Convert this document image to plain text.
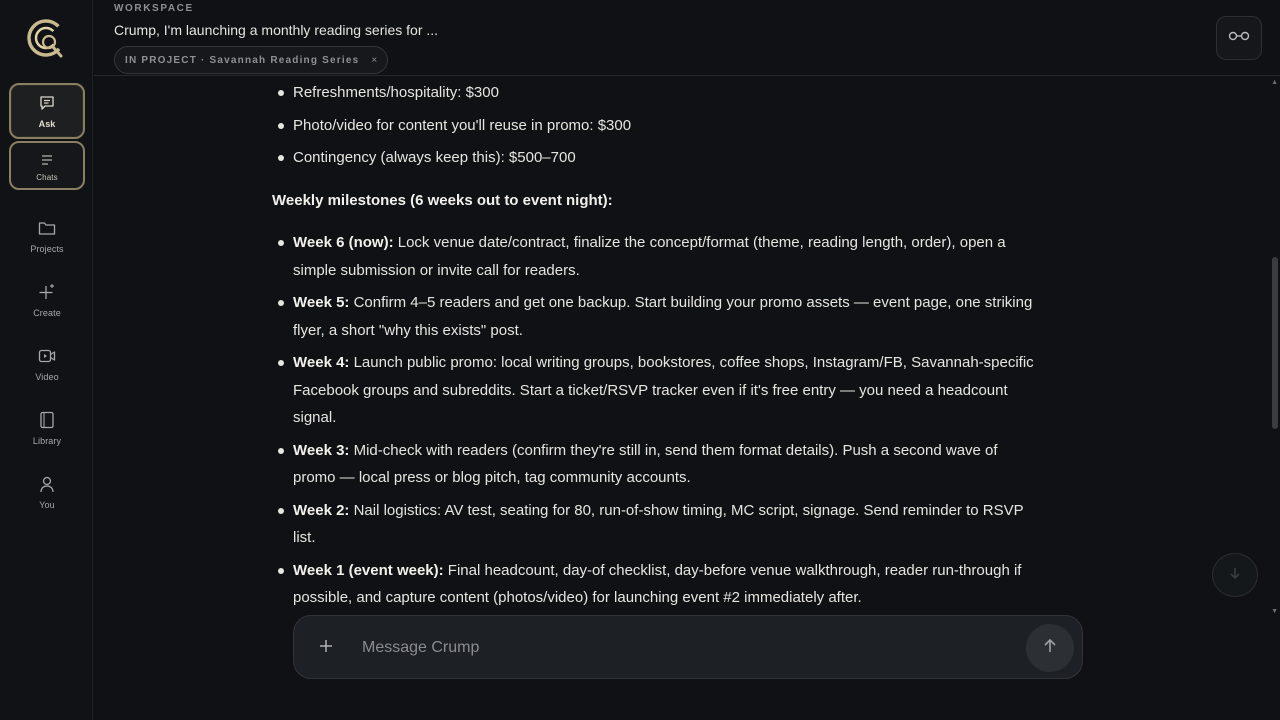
Ask
Chats
Projects
Create
Video
Library
You
WORKSPACE
Crump, I'm launching a monthly reading series for ...
IN PROJECT · Savannah Reading Series ×
Refreshments/hospitality: $300
Photo/video for content you'll reuse in promo: $300
Contingency (always keep this): $500–700

Weekly milestones (6 weeks out to event night):

Week 6 (now): Lock venue date/contract, finalize the concept/format (theme, reading length, order), open a simple submission or invite call for readers.
Week 5: Confirm 4–5 readers and get one backup. Start building your promo assets — event page, one striking flyer, a short "why this exists" post.
Week 4: Launch public promo: local writing groups, bookstores, coffee shops, Instagram/FB, Savannah-specific Facebook groups and subreddits. Start a ticket/RSVP tracker even if it's free entry — you need a headcount signal.
Week 3: Mid-check with readers (confirm they're still in, send them format details). Push a second wave of promo — local press or blog pitch, tag community accounts.
Week 2: Nail logistics: AV test, seating for 80, run-of-show timing, MC script, signage. Send reminder to RSVP list.
Week 1 (event week): Final headcount, day-of checklist, day-before venue walkthrough, reader run-through if possible, and capture content (photos/video) for launching event #2 immediately after.
▲
▼
Message Crump
